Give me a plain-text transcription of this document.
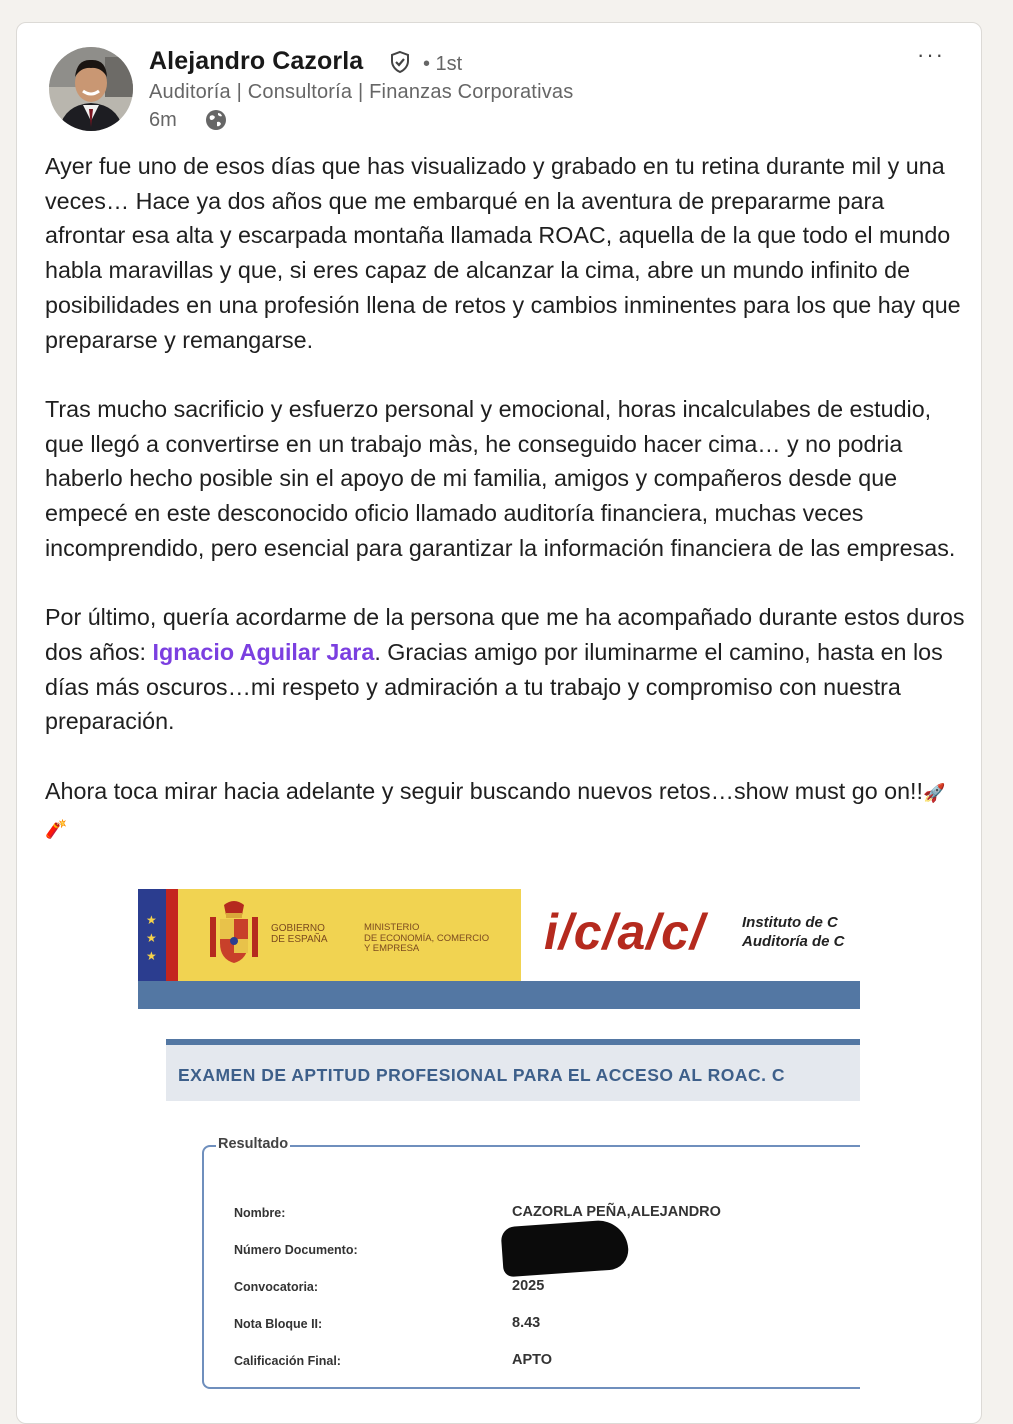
Alejandro Cazorla	• 1st
Auditoría | Consultoría | Finanzas Corporativas
6m
···

Ayer fue uno de esos días que has visualizado y grabado en tu retina durante mil y una veces… Hace ya dos años que me embarqué en la aventura de prepararme para afrontar esa alta y escarpada montaña llamada ROAC, aquella de la que todo el mundo habla maravillas y que, si eres capaz de alcanzar la cima, abre un mundo infinito de posibilidades en una profesión llena de retos y cambios inminentes para los que hay que prepararse y remangarse.

Tras mucho sacrificio y esfuerzo personal y emocional, horas incalculabes de estudio, que llegó a convertirse en un trabajo màs, he conseguido hacer cima… y no podria haberlo hecho posible sin el apoyo de mi familia, amigos y compañeros desde que empecé en este desconocido oficio llamado auditoría financiera, muchas veces incomprendido, pero esencial para garantizar la información financiera de las empresas.

Por último, quería acordarme de la persona que me ha acompañado durante estos duros dos años: Ignacio Aguilar Jara. Gracias amigo por iluminarme el camino, hasta en los días más oscuros…mi respeto y admiración a tu trabajo y compromiso con nuestra preparación.

Ahora toca mirar hacia adelante y seguir buscando nuevos retos…show must go on!!🚀🧨

★
★
★
GOBIERNO
DE ESPAÑA
MINISTERIO
DE ECONOMÍA, COMERCIO
Y EMPRESA	i/c/a/c/ Instituto de C
Auditoría de C
EXAMEN DE APTITUD PROFESIONAL PARA EL ACCESO AL ROAC. C
Resultado
Nombre:	CAZORLA PEÑA,ALEJANDRO
Número Documento:
Convocatoria:	2025
Nota Bloque II:	8.43
Calificación Final:	APTO
